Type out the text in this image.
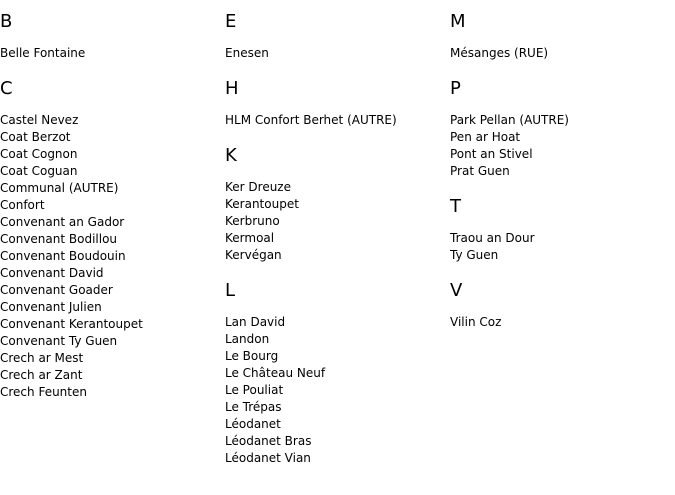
B
Belle Fontaine
C
Castel Nevez
Coat Berzot
Coat Cognon
Coat Coguan
Communal (AUTRE)
Confort
Convenant an Gador
Convenant Bodillou
Convenant Boudouin
Convenant David
Convenant Goader
Convenant Julien
Convenant Kerantoupet
Convenant Ty Guen
Crech ar Mest
Crech ar Zant
Crech Feunten
E
Enesen
H
HLM Confort Berhet (AUTRE)
K
Ker Dreuze
Kerantoupet
Kerbruno
Kermoal
Kervégan
L
Lan David
Landon
Le Bourg
Le Château Neuf
Le Pouliat
Le Trépas
Léodanet
Léodanet Bras
Léodanet Vian
M
Mésanges (RUE)
P
Park Pellan (AUTRE)
Pen ar Hoat
Pont an Stivel
Prat Guen
T
Traou an Dour
Ty Guen
V
Vilin Coz
